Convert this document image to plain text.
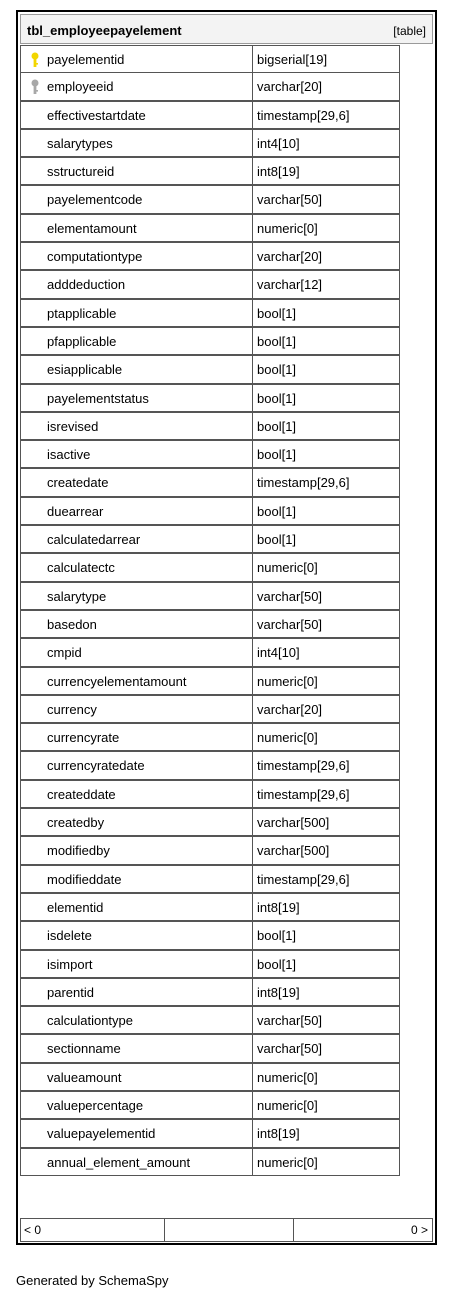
tbl_employeepayelement	[table]
payelementid	bigserial[19]
employeeid	varchar[20]
effectivestartdate	timestamp[29,6]
salarytypes	int4[10]
sstructureid	int8[19]
payelementcode	varchar[50]
elementamount	numeric[0]
computationtype	varchar[20]
adddeduction	varchar[12]
ptapplicable	bool[1]
pfapplicable	bool[1]
esiapplicable	bool[1]
payelementstatus	bool[1]
isrevised	bool[1]
isactive	bool[1]
createdate	timestamp[29,6]
duearrear	bool[1]
calculatedarrear	bool[1]
calculatectc	numeric[0]
salarytype	varchar[50]
basedon	varchar[50]
cmpid	int4[10]
currencyelementamount	numeric[0]
currency	varchar[20]
currencyrate	numeric[0]
currencyratedate	timestamp[29,6]
createddate	timestamp[29,6]
createdby	varchar[500]
modifiedby	varchar[500]
modifieddate	timestamp[29,6]
elementid	int8[19]
isdelete	bool[1]
isimport	bool[1]
parentid	int8[19]
calculationtype	varchar[50]
sectionname	varchar[50]
valueamount	numeric[0]
valuepercentage	numeric[0]
valuepayelementid	int8[19]
annual_element_amount	numeric[0]
< 0	0 >
Generated by SchemaSpy
